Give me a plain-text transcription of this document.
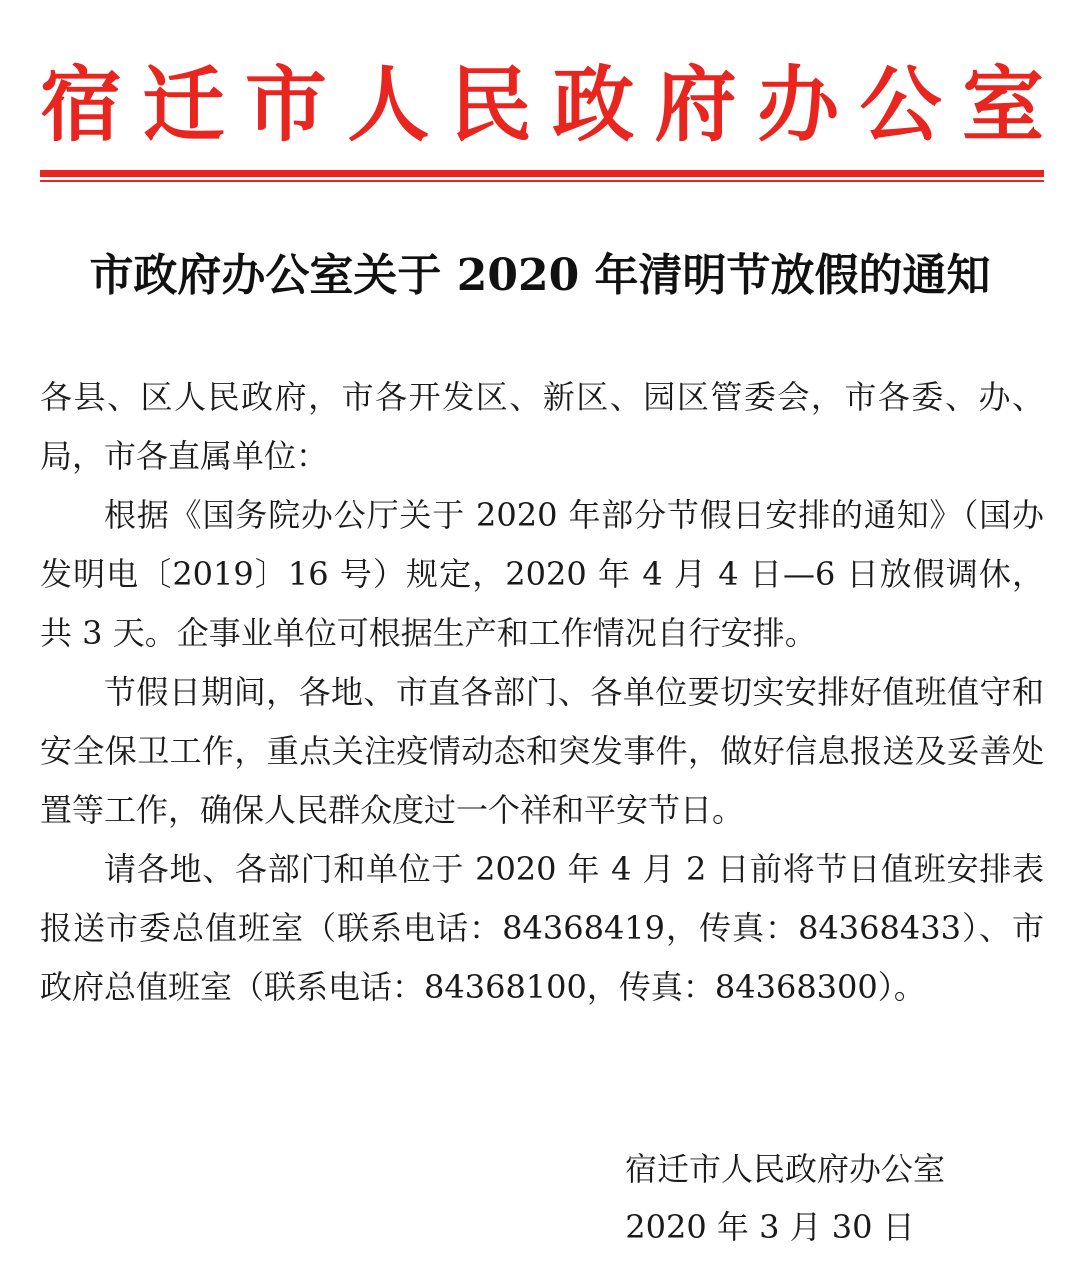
宿 迁 市 人 民 政 府 办 公 室
市政府办公室关于 2020 年清明节放假的通知

各县、区人民政府，市各开发区、新区、园区管委会，市各委、办、局，市各直属单位：

根据《国务院办公厅关于 2020 年部分节假日安排的通知》（国办发明电〔2019〕16 号）规定，2020 年 4 月 4 日—6 日放假调休，共 3 天。企事业单位可根据生产和工作情况自行安排。

节假日期间，各地、市直各部门、各单位要切实安排好值班值守和安全保卫工作，重点关注疫情动态和突发事件，做好信息报送及妥善处置等工作，确保人民群众度过一个祥和平安节日。

请各地、各部门和单位于 2020 年 4 月 2 日前将节日值班安排表报送市委总值班室（联系电话：84368419，传真：84368433）、市政府总值班室（联系电话：84368100，传真：84368300）。

宿迁市人民政府办公室
2020 年 3 月 30 日
